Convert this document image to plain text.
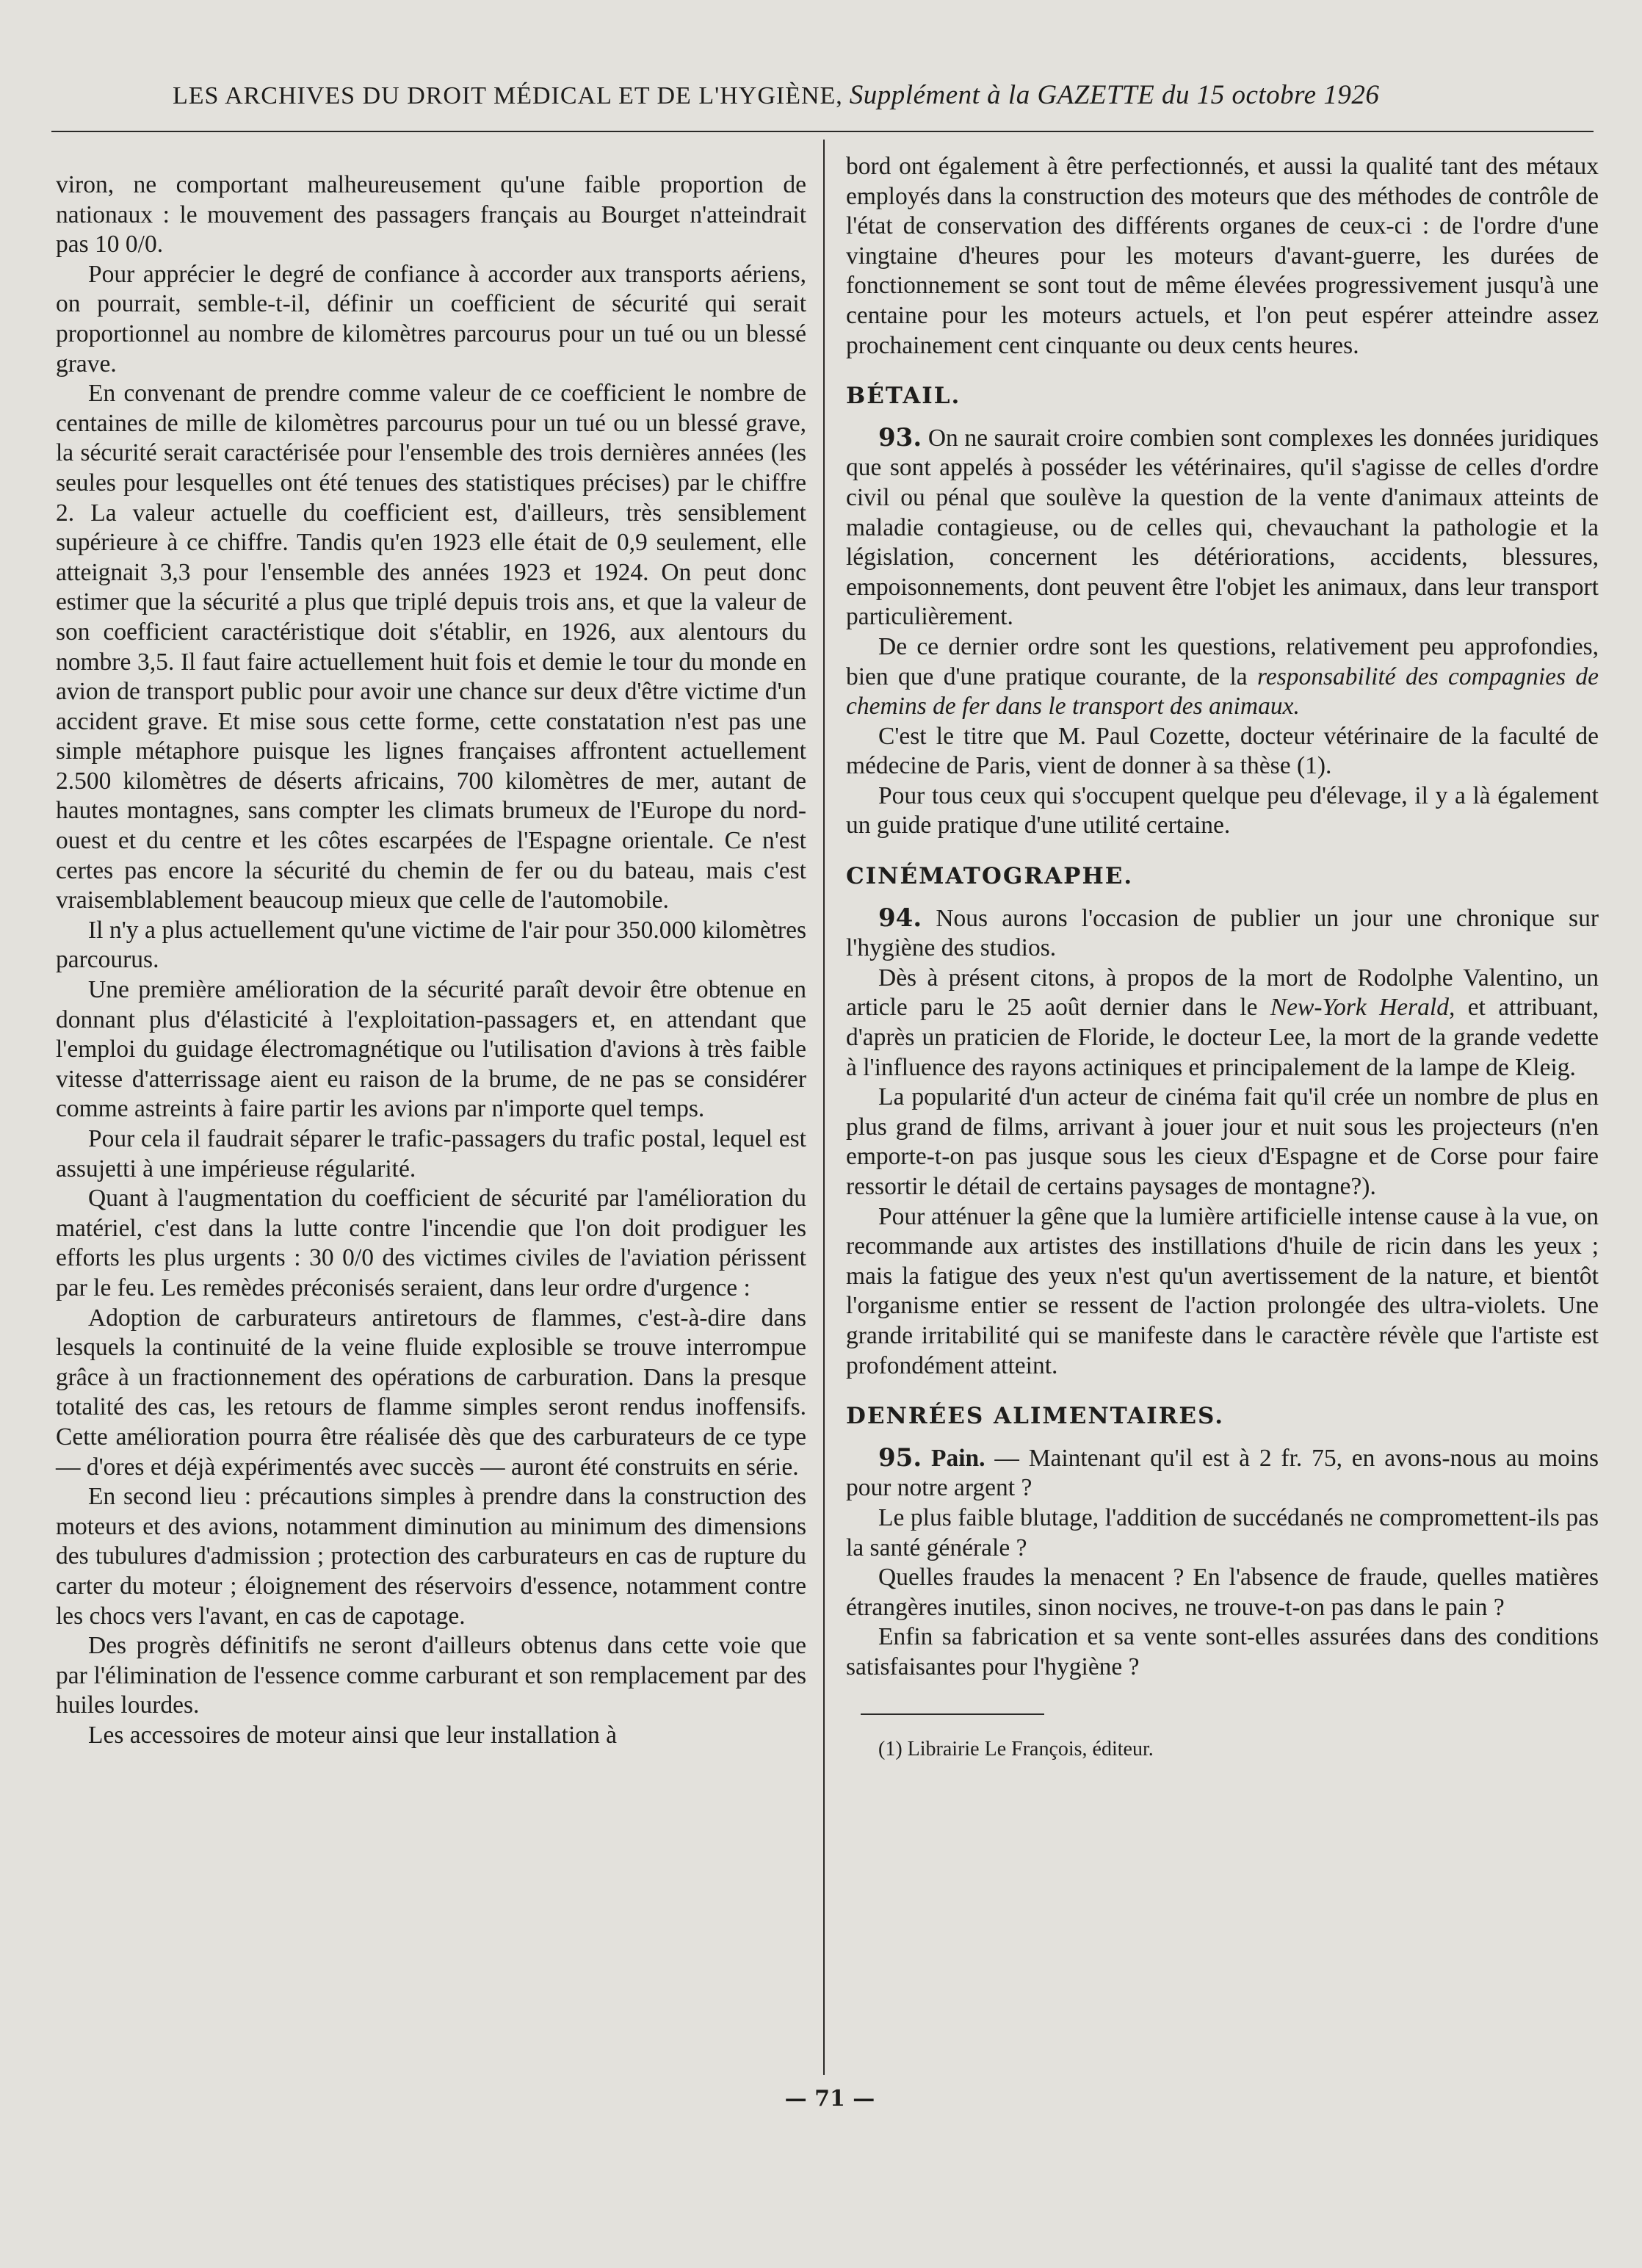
LES ARCHIVES DU DROIT MÉDICAL ET DE L'HYGIÈNE, Supplément à la GAZETTE du 15 octobre 1926

viron, ne comportant malheureusement qu'une faible proportion de nationaux : le mouvement des passagers français au Bourget n'atteindrait pas 10 0/0.

Pour apprécier le degré de confiance à accorder aux transports aériens, on pourrait, semble-t-il, définir un coefficient de sécurité qui serait proportionnel au nombre de kilomètres parcourus pour un tué ou un blessé grave.

En convenant de prendre comme valeur de ce coefficient le nombre de centaines de mille de kilomètres parcourus pour un tué ou un blessé grave, la sécurité serait caractérisée pour l'ensemble des trois dernières années (les seules pour lesquelles ont été tenues des statistiques précises) par le chiffre 2. La valeur actuelle du coefficient est, d'ailleurs, très sensiblement supérieure à ce chiffre. Tandis qu'en 1923 elle était de 0,9 seulement, elle atteignait 3,3 pour l'ensemble des années 1923 et 1924. On peut donc estimer que la sécurité a plus que triplé depuis trois ans, et que la valeur de son coefficient caractéristique doit s'établir, en 1926, aux alentours du nombre 3,5. Il faut faire actuellement huit fois et demie le tour du monde en avion de transport public pour avoir une chance sur deux d'être victime d'un accident grave. Et mise sous cette forme, cette constatation n'est pas une simple métaphore puisque les lignes françaises affrontent actuellement 2.500 kilomètres de déserts africains, 700 kilomètres de mer, autant de hautes montagnes, sans compter les climats brumeux de l'Europe du nord-ouest et du centre et les côtes escarpées de l'Espagne orientale. Ce n'est certes pas encore la sécurité du chemin de fer ou du bateau, mais c'est vraisemblablement beaucoup mieux que celle de l'automobile.

Il n'y a plus actuellement qu'une victime de l'air pour 350.000 kilomètres parcourus.

Une première amélioration de la sécurité paraît devoir être obtenue en donnant plus d'élasticité à l'exploitation-passagers et, en attendant que l'emploi du guidage électromagnétique ou l'utilisation d'avions à très faible vitesse d'atterrissage aient eu raison de la brume, de ne pas se considérer comme astreints à faire partir les avions par n'importe quel temps.

Pour cela il faudrait séparer le trafic-passagers du trafic postal, lequel est assujetti à une impérieuse régularité.

Quant à l'augmentation du coefficient de sécurité par l'amélioration du matériel, c'est dans la lutte contre l'incendie que l'on doit prodiguer les efforts les plus urgents : 30 0/0 des victimes civiles de l'aviation périssent par le feu. Les remèdes préconisés seraient, dans leur ordre d'urgence :

Adoption de carburateurs antiretours de flammes, c'est-à-dire dans lesquels la continuité de la veine fluide explosible se trouve interrompue grâce à un fractionnement des opérations de carburation. Dans la presque totalité des cas, les retours de flamme simples seront rendus inoffensifs. Cette amélioration pourra être réalisée dès que des carburateurs de ce type — d'ores et déjà expérimentés avec succès — auront été construits en série.

En second lieu : précautions simples à prendre dans la construction des moteurs et des avions, notamment diminution au minimum des dimensions des tubulures d'admission ; protection des carburateurs en cas de rupture du carter du moteur ; éloignement des réservoirs d'essence, notamment contre les chocs vers l'avant, en cas de capotage.

Des progrès définitifs ne seront d'ailleurs obtenus dans cette voie que par l'élimination de l'essence comme carburant et son remplacement par des huiles lourdes.

Les accessoires de moteur ainsi que leur installation à

bord ont également à être perfectionnés, et aussi la qualité tant des métaux employés dans la construction des moteurs que des méthodes de contrôle de l'état de conservation des différents organes de ceux-ci : de l'ordre d'une vingtaine d'heures pour les moteurs d'avant-guerre, les durées de fonctionnement se sont tout de même élevées progressivement jusqu'à une centaine pour les moteurs actuels, et l'on peut espérer atteindre assez prochainement cent cinquante ou deux cents heures.

BÉTAIL.

93. On ne saurait croire combien sont complexes les données juridiques que sont appelés à posséder les vétérinaires, qu'il s'agisse de celles d'ordre civil ou pénal que soulève la question de la vente d'animaux atteints de maladie contagieuse, ou de celles qui, chevauchant la pathologie et la législation, concernent les détériorations, accidents, blessures, empoisonnements, dont peuvent être l'objet les animaux, dans leur transport particulièrement.

De ce dernier ordre sont les questions, relativement peu approfondies, bien que d'une pratique courante, de la responsabilité des compagnies de chemins de fer dans le transport des animaux.

C'est le titre que M. Paul Cozette, docteur vétérinaire de la faculté de médecine de Paris, vient de donner à sa thèse (1).

Pour tous ceux qui s'occupent quelque peu d'élevage, il y a là également un guide pratique d'une utilité certaine.

CINÉMATOGRAPHE.

94. Nous aurons l'occasion de publier un jour une chronique sur l'hygiène des studios.

Dès à présent citons, à propos de la mort de Rodolphe Valentino, un article paru le 25 août dernier dans le New-York Herald, et attribuant, d'après un praticien de Floride, le docteur Lee, la mort de la grande vedette à l'influence des rayons actiniques et principalement de la lampe de Kleig.

La popularité d'un acteur de cinéma fait qu'il crée un nombre de plus en plus grand de films, arrivant à jouer jour et nuit sous les projecteurs (n'en emporte-t-on pas jusque sous les cieux d'Espagne et de Corse pour faire ressortir le détail de certains paysages de montagne?).

Pour atténuer la gêne que la lumière artificielle intense cause à la vue, on recommande aux artistes des instillations d'huile de ricin dans les yeux ; mais la fatigue des yeux n'est qu'un avertissement de la nature, et bientôt l'organisme entier se ressent de l'action prolongée des ultra-violets. Une grande irritabilité qui se manifeste dans le caractère révèle que l'artiste est profondément atteint.

DENRÉES ALIMENTAIRES.

95. Pain. — Maintenant qu'il est à 2 fr. 75, en avons-nous au moins pour notre argent ?

Le plus faible blutage, l'addition de succédanés ne compromettent-ils pas la santé générale ?

Quelles fraudes la menacent ? En l'absence de fraude, quelles matières étrangères inutiles, sinon nocives, ne trouve-t-on pas dans le pain ?

Enfin sa fabrication et sa vente sont-elles assurées dans des conditions satisfaisantes pour l'hygiène ?

(1) Librairie Le François, éditeur.
— 71 —
